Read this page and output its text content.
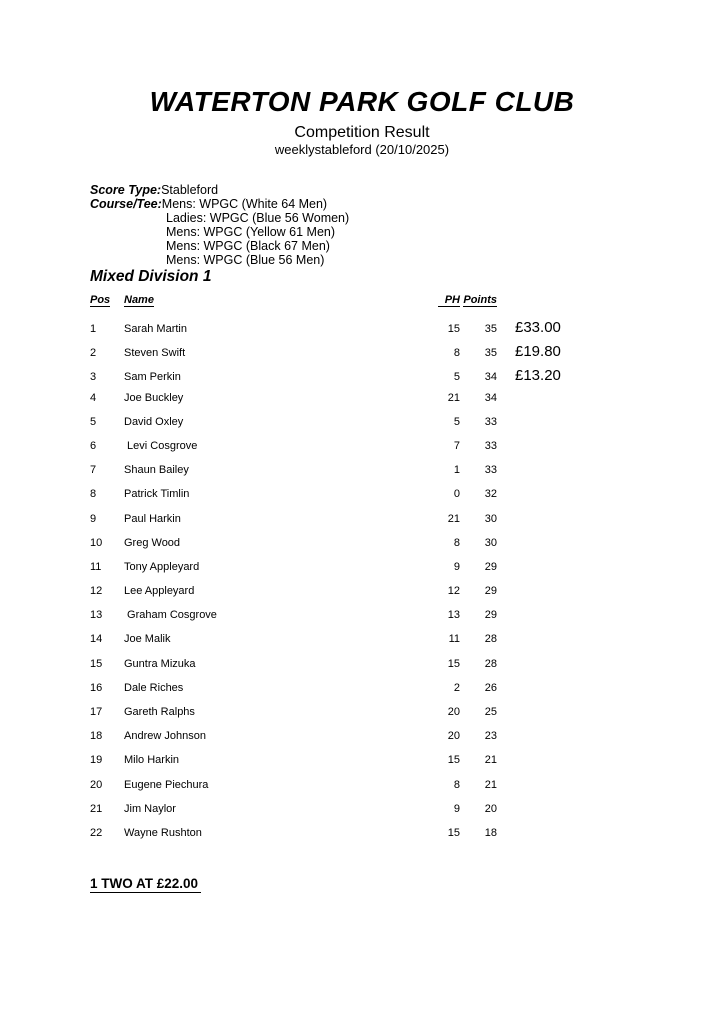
WATERTON PARK GOLF CLUB
Competition Result
weeklystableford (20/10/2025)
Score Type:Stableford
Course/Tee:Mens: WPGC (White 64 Men)
Ladies: WPGC (Blue 56 Women)
Mens: WPGC (Yellow 61 Men)
Mens: WPGC (Black 67 Men)
Mens: WPGC (Blue 56 Men)
Mixed Division 1
Pos	Name	PH Points
1	Sarah Martin	15	35	£33.00
2	Steven Swift	8	35	£19.80
3	Sam Perkin	5	34	£13.20
4	Joe Buckley	21	34
5	David Oxley	5	33
6	Levi Cosgrove	7	33
7	Shaun Bailey	1	33
8	Patrick Timlin	0	32
9	Paul Harkin	21	30
10	Greg Wood	8	30
11	Tony Appleyard	9	29
12	Lee Appleyard	12	29
13	Graham Cosgrove	13	29
14	Joe Malik	11	28
15	Guntra Mizuka	15	28
16	Dale Riches	2	26
17	Gareth Ralphs	20	25
18	Andrew Johnson	20	23
19	Milo Harkin	15	21
20	Eugene Piechura	8	21
21	Jim Naylor	9	20
22	Wayne Rushton	15	18
1 TWO AT £22.00
